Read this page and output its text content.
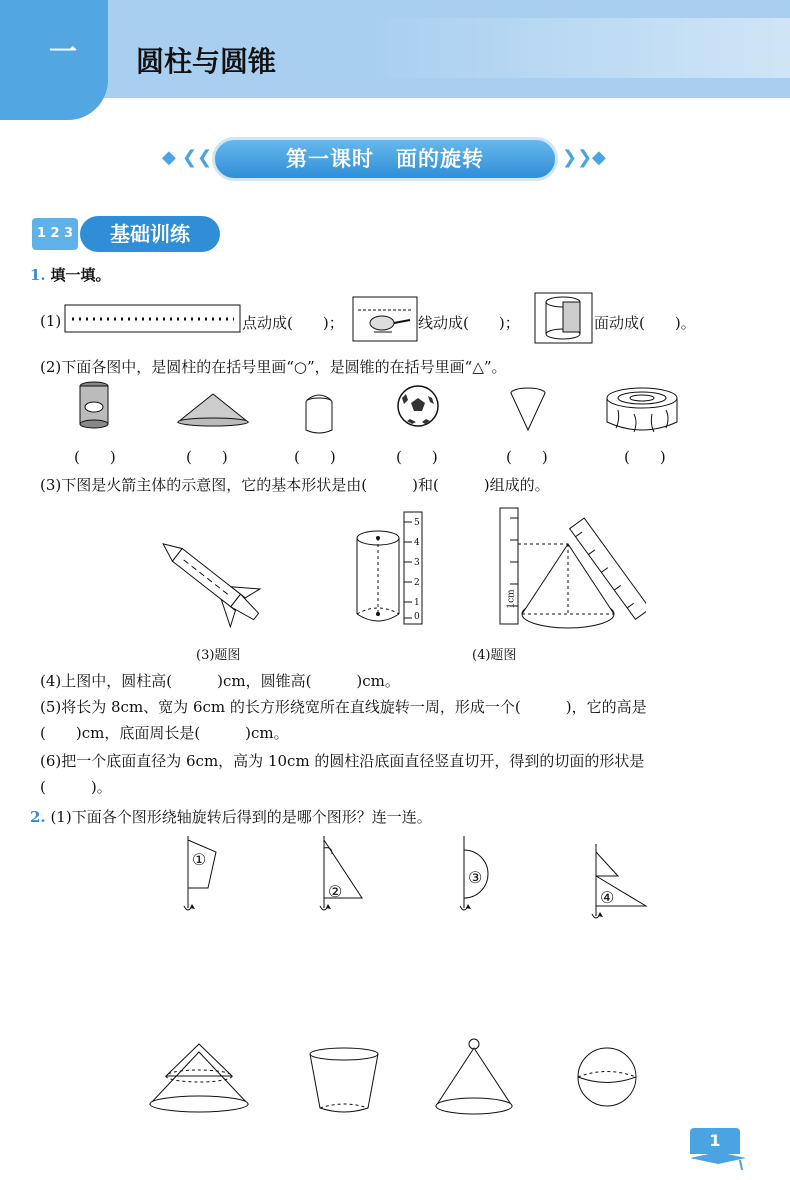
一	圆柱与圆锥
◆ ❮❮	第一课时　面的旋转	❯❯ ◆
1 2 3	基础训练
1. 填一填。
(1)	点动成(　　)；	线动成(　　)；	面动成(　　)。
(2)下面各图中，是圆柱的在括号里画“○”，是圆锥的在括号里画“△”。
(　　)	(　　)	(　　)	(　　)	(　　)	(　　)
(3)下图是火箭主体的示意图，它的基本形状是由(　　　)和(　　　)组成的。
5
4
3
2
1
0
1cm
(3)题图	(4)题图
(4)上图中，圆柱高(　　　)cm，圆锥高(　　　)cm。
(5)将长为 8cm、宽为 6cm 的长方形绕宽所在直线旋转一周，形成一个(　　　)，它的高是
(　　)cm，底面周长是(　　　)cm。
(6)把一个底面直径为 6cm，高为 10cm 的圆柱沿底面直径竖直切开，得到的切面的形状是
(　　　)。
2. (1)下面各个图形绕轴旋转后得到的是哪个图形？连一连。
①
②
③
④
1
